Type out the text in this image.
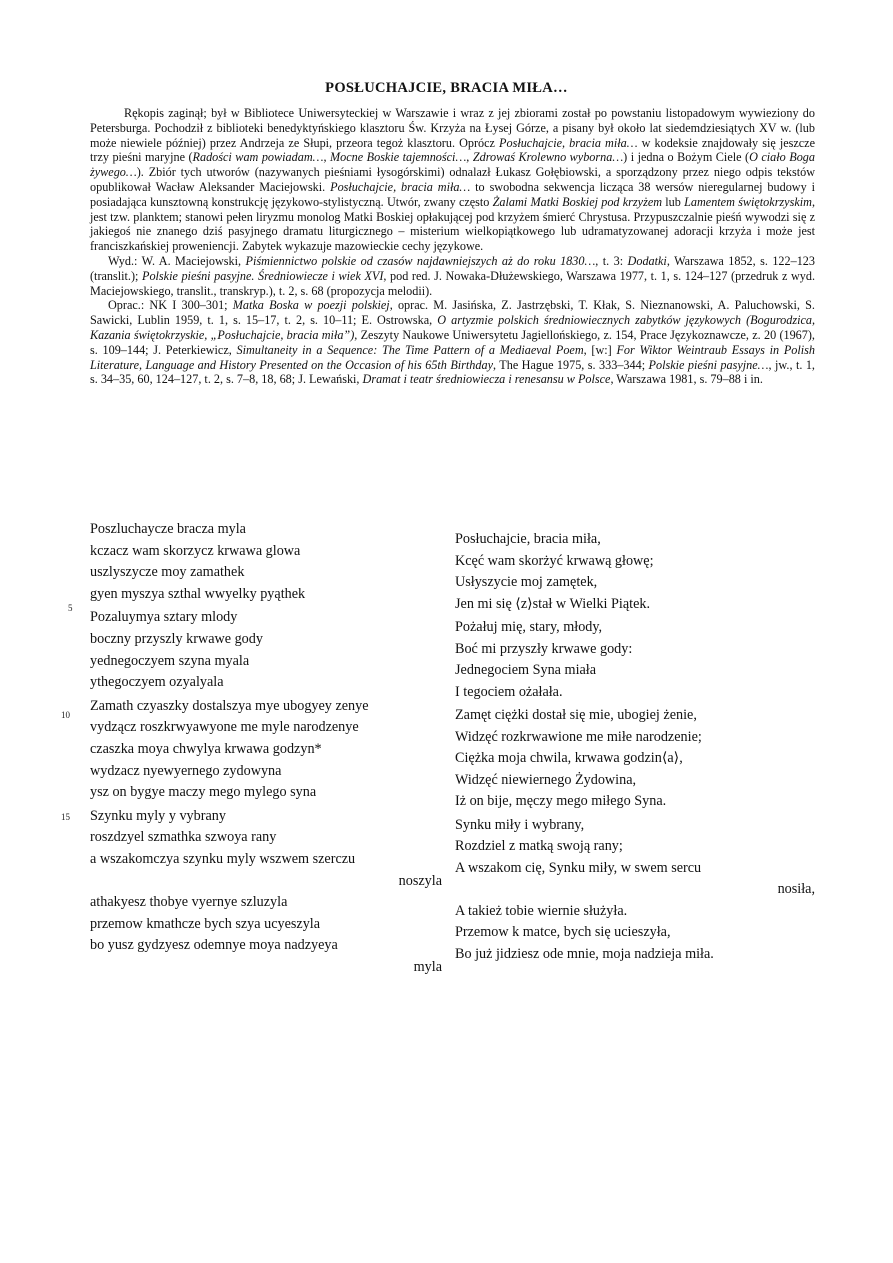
POSŁUCHAJCIE, BRACIA MIŁA…

Rękopis zaginął; był w Bibliotece Uniwersyteckiej w Warszawie i wraz z jej zbiorami został po powstaniu listopadowym wywieziony do Petersburga. Pochodził z biblioteki benedyktyńskiego klasztoru Św. Krzyża na Łysej Górze, a pisany był około lat siedemdziesiątych XV w. (lub może niewiele później) przez Andrzeja ze Słupi, przeora tegoż klasztoru. Oprócz Posłuchajcie, bracia miła… w kodeksie znajdowały się jeszcze trzy pieśni maryjne (Radości wam powiadam…, Mocne Boskie tajemności…, Zdrowaś Krolewno wyborna…) i jedna o Bożym Ciele (O ciało Boga żywego…). Zbiór tych utworów (nazywanych pieśniami łysogórskimi) odnalazł Łukasz Gołębiowski, a sporządzony przez niego odpis tekstów opublikował Wacław Aleksander Maciejowski. Posłuchajcie, bracia miła… to swobodna sekwencja licząca 38 wersów nieregularnej budowy i posiadająca kunsztowną konstrukcję językowo-stylistyczną. Utwór, zwany często Żalami Matki Boskiej pod krzyżem lub Lamentem świętokrzyskim, jest tzw. planktem; stanowi pełen liryzmu monolog Matki Boskiej opłakującej pod krzyżem śmierć Chrystusa. Przypuszczalnie pieśń wywodzi się z jakiegoś nie znanego dziś pasyjnego dramatu liturgicznego – misterium wielkopiątkowego lub udramatyzowanej adoracji krzyża i może jest franciszkańskiej proweniencji. Zabytek wykazuje mazowieckie cechy językowe.

Wyd.: W. A. Maciejowski, Piśmiennictwo polskie od czasów najdawniejszych aż do roku 1830…, t. 3: Dodatki, Warszawa 1852, s. 122–123 (translit.); Polskie pieśni pasyjne. Średniowiecze i wiek XVI, pod red. J. Nowaka-Dłużewskiego, Warszawa 1977, t. 1, s. 124–127 (przedruk z wyd. Maciejowskiego, translit., transkryp.), t. 2, s. 68 (propozycja melodii).

Oprac.: NK I 300–301; Matka Boska w poezji polskiej, oprac. M. Jasińska, Z. Jastrzębski, T. Kłak, S. Nieznanowski, A. Paluchowski, S. Sawicki, Lublin 1959, t. 1, s. 15–17, t. 2, s. 10–11; E. Ostrowska, O artyzmie polskich średniowiecznych zabytków językowych (Bogurodzica, Kazania świętokrzyskie, „Posłuchajcie, bracia miła”), Zeszyty Naukowe Uniwersytetu Jagiellońskiego, z. 154, Prace Językoznawcze, z. 20 (1967), s. 109–144; J. Peterkiewicz, Simultaneity in a Sequence: The Time Pattern of a Mediaeval Poem, [w:] For Wiktor Weintraub Essays in Polish Literature, Language and History Presented on the Occasion of his 65th Birthday, The Hague 1975, s. 333–344; Polskie pieśni pasyjne…, jw., t. 1, s. 34–35, 60, 124–127, t. 2, s. 7–8, 18, 68; J. Lewański, Dramat i teatr średniowiecza i renesansu w Polsce, Warszawa 1981, s. 79–88 i in.

5
10
15
Poszluchaycze bracza myla
kczacz wam skorzycz krwawa glowa
uszlyszycze moy zamathek
gyen myszya szthal wwyelky pyąthek
Pozaluymya sztary mlody
boczny przyszly krwawe gody
yednegoczyem szyna myala
ythegoczyem ozyalyala
Zamath czyaszky dostalszya mye ubogyey zenye
vydzącz roszkrwyawyone me myle narodzenye
czaszka moya chwylya krwawa godzyn*
wydzacz nyewyernego zydowyna
ysz on bygye maczy mego mylego syna
Szynku myly y vybrany
roszdzyel szmathka szwoya rany
a wszakomczya szynku myly wszwem szerczu
noszyla
athakyesz thobye vyernye szluzyla
przemow kmathcze bych szya ucyeszyla
bo yusz gydzyesz odemnye moya nadzyeya
myla
Posłuchajcie, bracia miła,
Kcęć wam skorżyć krwawą głowę;
Usłyszycie moj zamętek,
Jen mi się ⟨z⟩stał w Wielki Piątek.
Pożałuj mię, stary, młody,
Boć mi przyszły krwawe gody:
Jednegociem Syna miała
I tegociem ożałała.
Zamęt ciężki dostał się mie, ubogiej żenie,
Widzęć rozkrwawione me miłe narodzenie;
Ciężka moja chwila, krwawa godzin⟨a⟩,
Widzęć niewiernego Żydowina,
Iż on bije, męczy mego miłego Syna.
Synku miły i wybrany,
Rozdziel z matką swoją rany;
A wszakom cię, Synku miły, w swem sercu
nosiła,
A takież tobie wiernie służyła.
Przemow k matce, bych się ucieszyła,
Bo już jidziesz ode mnie, moja nadzieja miła.
